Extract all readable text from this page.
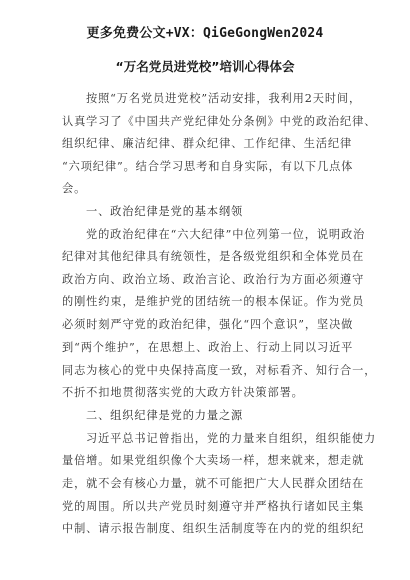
更多免费公文+VX：QiGeGongWen2024
“万名党员进党校”培训心得体会
按照“万名党员进党校”活动安排，我利用2天时间，
认真学习了《中国共产党纪律处分条例》中党的政治纪律、
组织纪律、廉洁纪律、群众纪律、工作纪律、生活纪律
“六项纪律”。结合学习思考和自身实际，有以下几点体
会。
一、政治纪律是党的基本纲领
党的政治纪律在“六大纪律”中位列第一位，说明政治
纪律对其他纪律具有统领性，是各级党组织和全体党员在
政治方向、政治立场、政治言论、政治行为方面必须遵守
的刚性约束，是维护党的团结统一的根本保证。作为党员
必须时刻严守党的政治纪律，强化“四个意识”，坚决做
到“两个维护”，在思想上、政治上、行动上同以习近平
同志为核心的党中央保持高度一致，对标看齐、知行合一，
不折不扣地贯彻落实党的大政方针决策部署。
二、组织纪律是党的力量之源
习近平总书记曾指出，党的力量来自组织，组织能使力
量倍增。如果党组织像个大卖场一样，想来就来，想走就
走，就不会有核心力量，就不可能把广大人民群众团结在
党的周围。所以共产党员时刻遵守并严格执行诸如民主集
中制、请示报告制度、组织生活制度等在内的党的组织纪
